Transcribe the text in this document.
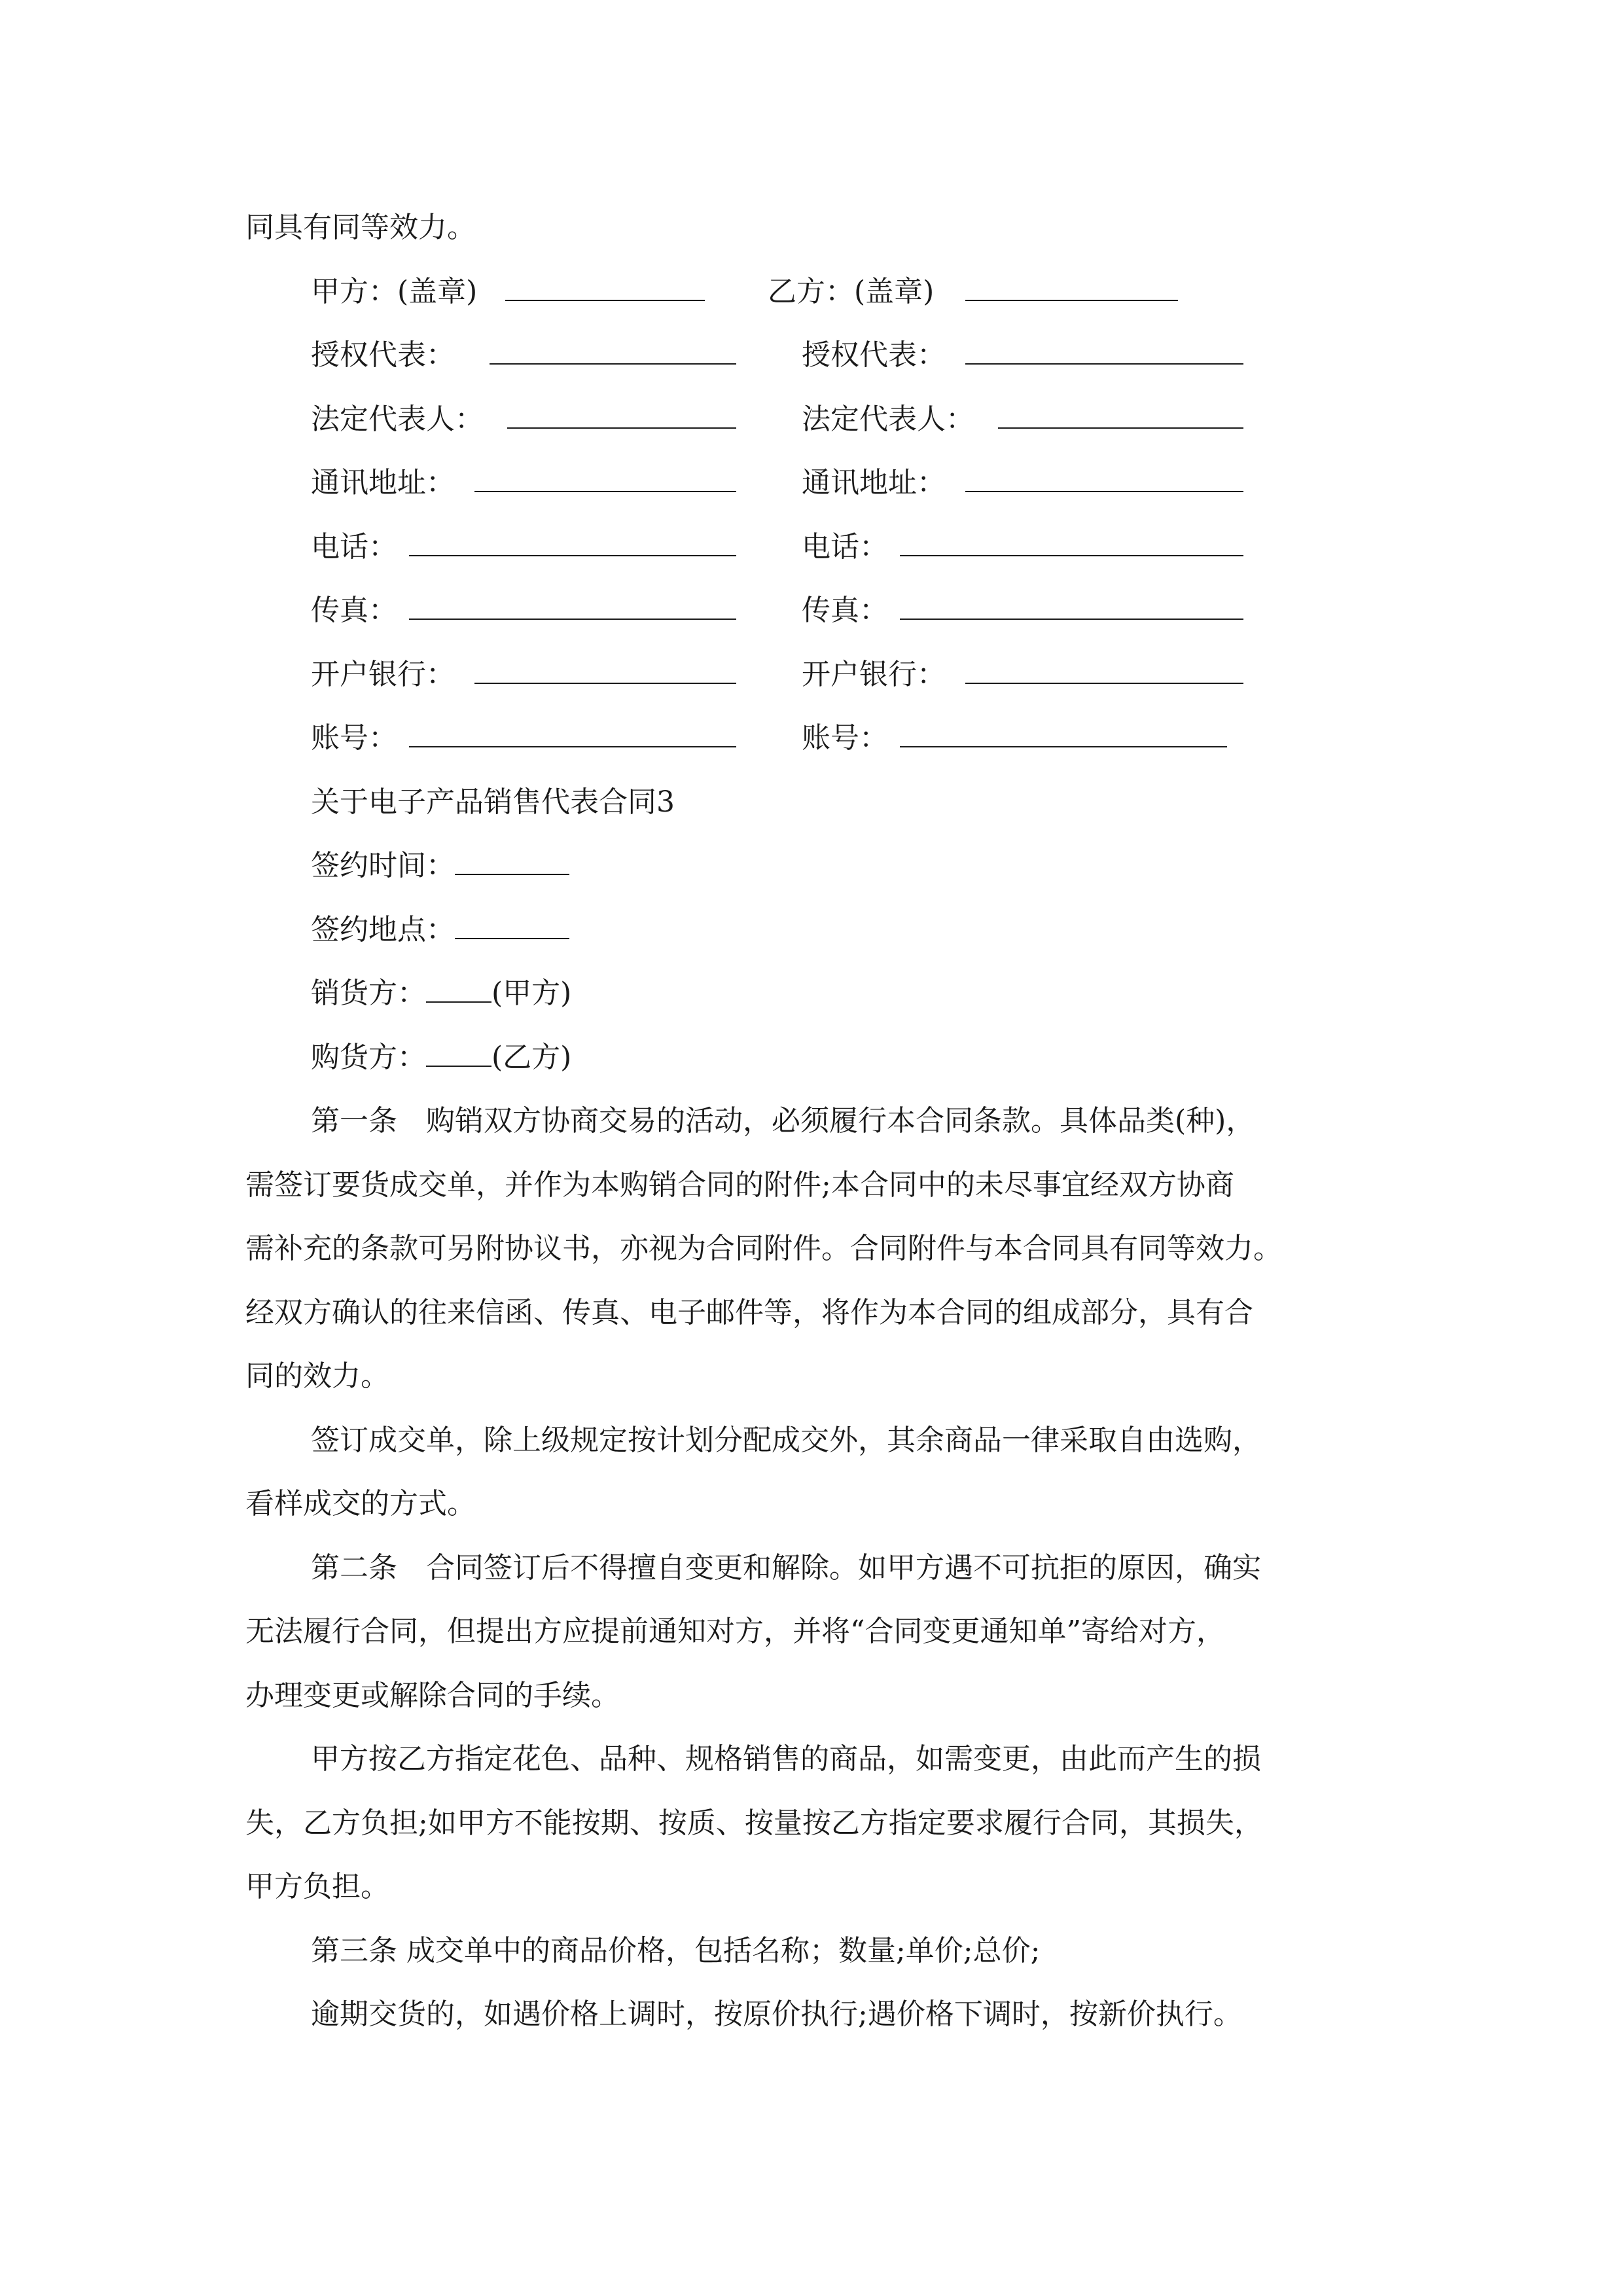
同具有同等效力。

甲方：(盖章)	乙方：(盖章)
授权代表：	授权代表：
法定代表人：	法定代表人：
通讯地址：	通讯地址：
电话：	电话：
传真：	传真：
开户银行：	开户银行：
账号：	账号：

关于电子产品销售代表合同3

签约时间：
签约地点：
销货方： (甲方)
购货方： (乙方)

第一条　购销双方协商交易的活动，必须履行本合同条款。具体品类(种)，

需签订要货成交单，并作为本购销合同的附件;本合同中的未尽事宜经双方协商

需补充的条款可另附协议书，亦视为合同附件。合同附件与本合同具有同等效力。

经双方确认的往来信函、传真、电子邮件等，将作为本合同的组成部分，具有合

同的效力。

签订成交单，除上级规定按计划分配成交外，其余商品一律采取自由选购，

看样成交的方式。

第二条　合同签订后不得擅自变更和解除。如甲方遇不可抗拒的原因，确实

无法履行合同，但提出方应提前通知对方，并将“合同变更通知单”寄给对方，

办理变更或解除合同的手续。

甲方按乙方指定花色、品种、规格销售的商品，如需变更，由此而产生的损

失，乙方负担;如甲方不能按期、按质、按量按乙方指定要求履行合同，其损失，

甲方负担。

第三条 成交单中的商品价格，包括名称；数量;单价;总价;

逾期交货的，如遇价格上调时，按原价执行;遇价格下调时，按新价执行。
